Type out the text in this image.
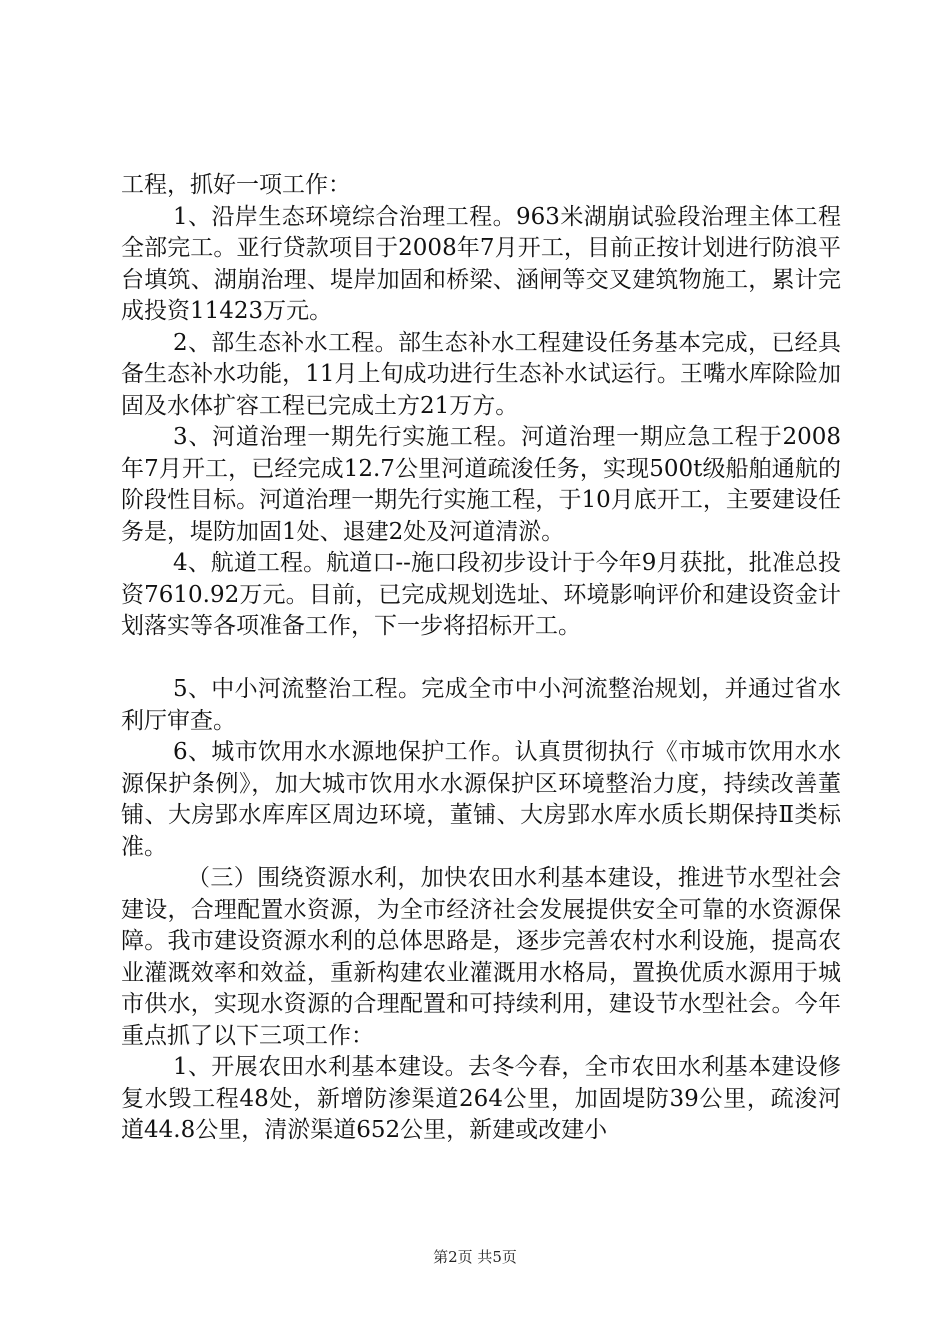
工程，抓好一项工作：

1、沿岸生态环境综合治理工程。963米湖崩试验段治理主体工程全部完工。亚行贷款项目于2008年7月开工，目前正按计划进行防浪平台填筑、湖崩治理、堤岸加固和桥梁、涵闸等交叉建筑物施工，累计完成投资11423万元。

2、部生态补水工程。部生态补水工程建设任务基本完成，已经具备生态补水功能，11月上旬成功进行生态补水试运行。王嘴水库除险加固及水体扩容工程已完成土方21万方。

3、河道治理一期先行实施工程。河道治理一期应急工程于2008年7月开工，已经完成12.7公里河道疏浚任务，实现500t级船舶通航的阶段性目标。河道治理一期先行实施工程，于10月底开工，主要建设任务是，堤防加固1处、退建2处及河道清淤。

4、航道工程。航道口--施口段初步设计于今年9月获批，批准总投资7610.92万元。目前，已完成规划选址、环境影响评价和建设资金计划落实等各项准备工作，下一步将招标开工。

5、中小河流整治工程。完成全市中小河流整治规划，并通过省水利厅审查。

6、城市饮用水水源地保护工作。认真贯彻执行《市城市饮用水水源保护条例》，加大城市饮用水水源保护区环境整治力度，持续改善董铺、大房郢水库库区周边环境，董铺、大房郢水库水质长期保持Ⅱ类标准。

（三）围绕资源水利，加快农田水利基本建设，推进节水型社会建设，合理配置水资源，为全市经济社会发展提供安全可靠的水资源保障。我市建设资源水利的总体思路是，逐步完善农村水利设施，提高农业灌溉效率和效益，重新构建农业灌溉用水格局，置换优质水源用于城市供水，实现水资源的合理配置和可持续利用，建设节水型社会。今年重点抓了以下三项工作：

1、开展农田水利基本建设。去冬今春，全市农田水利基本建设修复水毁工程48处，新增防渗渠道264公里，加固堤防39公里，疏浚河道44.8公里，清淤渠道652公里，新建或改建小

第2页 共5页
